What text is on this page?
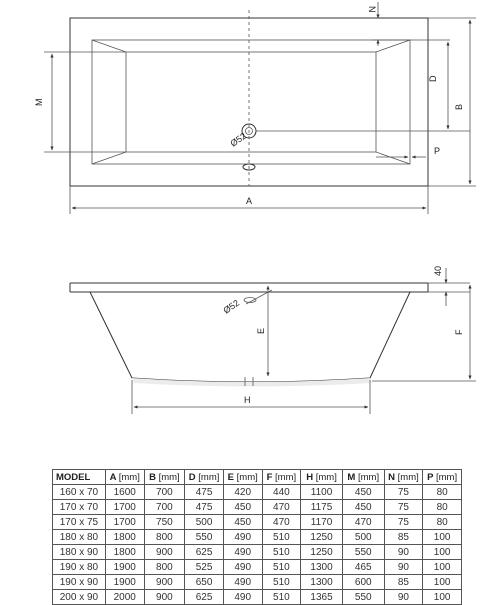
Ø52
N
D
B
M
P
A
Ø52
40
E	F
H
MODEL	A [mm]	B [mm]	D [mm]	E [mm]	F [mm]	H [mm]	M [mm]	N [mm]	P [mm]
160 x 70	1600	700	475	420	440	1100	450	75	80
170 x 70	1700	700	475	450	470	1175	450	75	80
170 x 75	1700	750	500	450	470	1170	470	75	80
180 x 80	1800	800	550	490	510	1250	500	85	100
180 x 90	1800	900	625	490	510	1250	550	90	100
190 x 80	1900	800	525	490	510	1300	465	90	100
190 x 90	1900	900	650	490	510	1300	600	85	100
200 x 90	2000	900	625	490	510	1365	550	90	100
